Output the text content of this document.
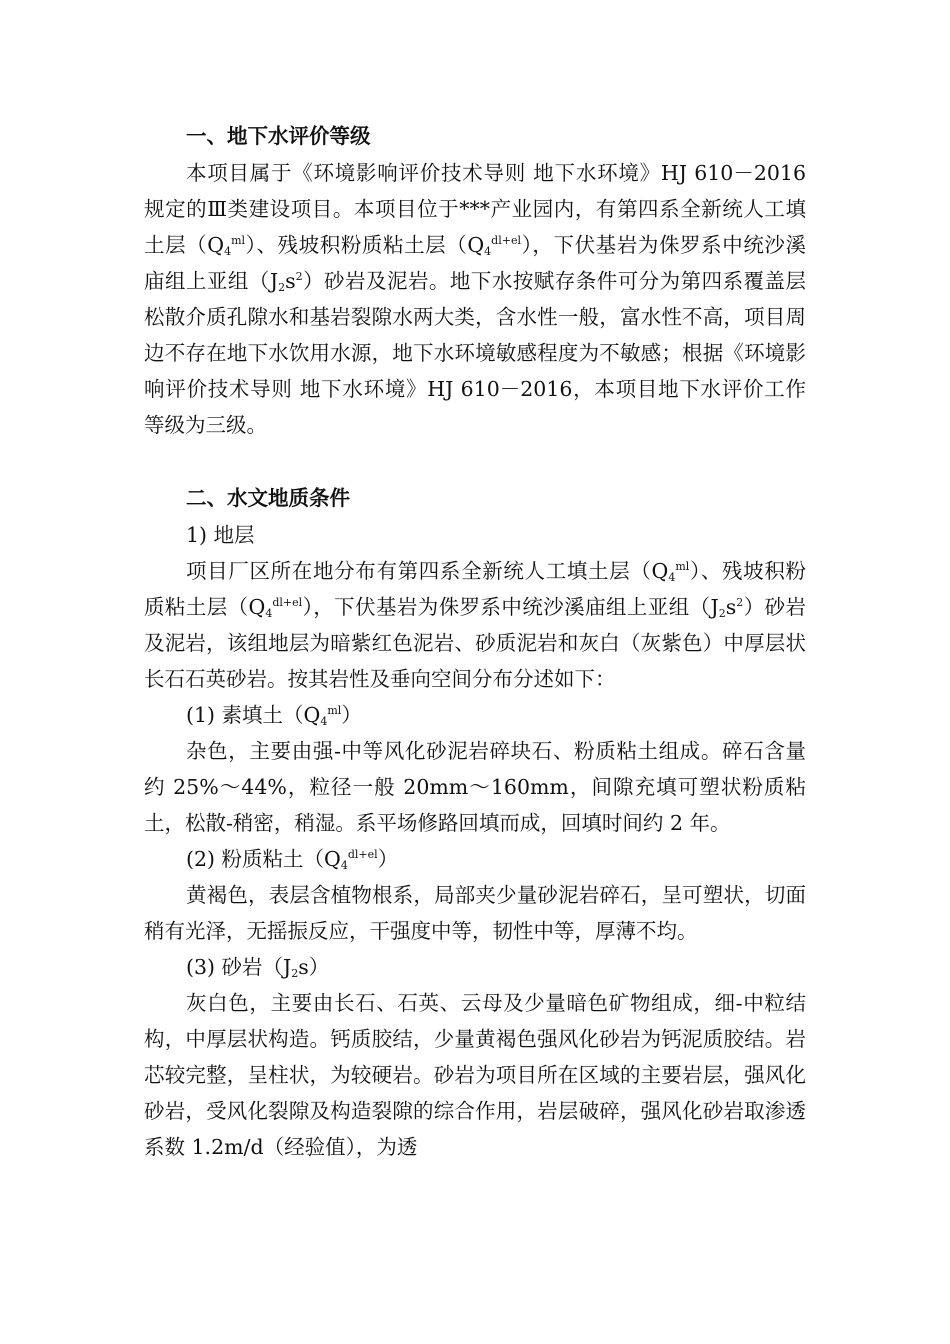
一、地下水评价等级
本项目属于《环境影响评价技术导则 地下水环境》HJ 610－2016规定的Ⅲ类建设项目。本项目位于***产业园内，有第四系全新统人工填土层$(Q_4^{ml})$、残坡积粉质粘土层$(Q_4^{dl+el})$，下伏基岩为侏罗系中统沙溪庙组上亚组$(J_2s^2)$砂岩及泥岩。地下水按赋存条件可分为第四系覆盖层松散介质孔隙水和基岩裂隙水两大类，含水性一般，富水性不高，项目周边不存在地下水饮用水源，地下水环境敏感程度为不敏感；根据《环境影响评价技术导则 地下水环境》HJ 610－2016，本项目地下水评价工作等级为三级。
二、水文地质条件
1) 地层
项目厂区所在地分布有第四系全新统人工填土层$(Q_4^{ml})$、残坡积粉质粘土层$(Q_4^{dl+el})$，下伏基岩为侏罗系中统沙溪庙组上亚组$(J_2s^2)$砂岩及泥岩，该组地层为暗紫红色泥岩、砂质泥岩和灰白（灰紫色）中厚层状长石石英砂岩。按其岩性及垂向空间分布分述如下：
(1) 素填土$(Q_4^{ml})$
杂色，主要由强-中等风化砂泥岩碎块石、粉质粘土组成。碎石含量约 25%～44%，粒径一般 20mm～160mm，间隙充填可塑状粉质粘土，松散-稍密，稍湿。系平场修路回填而成，回填时间约 2 年。
(2) 粉质粘土$(Q_4^{dl+el})$
黄褐色，表层含植物根系，局部夹少量砂泥岩碎石，呈可塑状，切面稍有光泽，无摇振反应，干强度中等，韧性中等，厚薄不均。
(3) 砂岩$(J_2s)$
灰白色，主要由长石、石英、云母及少量暗色矿物组成，细-中粒结构，中厚层状构造。钙质胶结，少量黄褐色强风化砂岩为钙泥质胶结。岩芯较完整，呈柱状，为较硬岩。砂岩为项目所在区域的主要岩层，强风化砂岩，受风化裂隙及构造裂隙的综合作用，岩层破碎，强风化砂岩取渗透系数 1.2m/d（经验值），为透
